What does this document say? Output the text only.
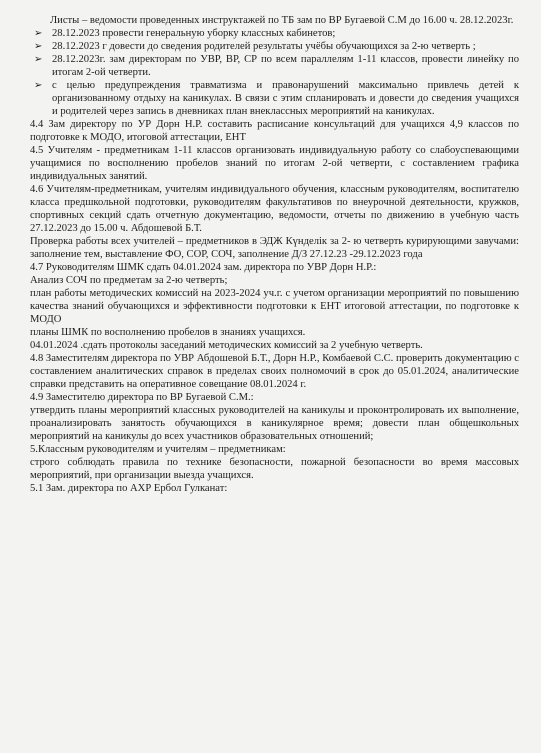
Листы – ведомости проведенных инструктажей по ТБ зам по ВР Бугаевой С.М до 16.00 ч. 28.12.2023г.

➢ 28.12.2023 провести генеральную уборку классных кабинетов;
➢ 28.12.2023 г довести до сведения родителей результаты учёбы обучающихся за 2-ю четверть ;
➢ 28.12.2023г. зам директорам по УВР, ВР, СР по всем параллелям 1-11 классов, провести линейку по итогам 2-ой четверти.
➢ с целью предупреждения травматизма и правонарушений максимально привлечь детей к организованному отдыху на каникулах. В связи с этим спланировать и довести до сведения учащихся и родителей через запись в дневниках план внеклассных мероприятий на каникулах.

4.4 Зам директору по УР Дорн Н.Р. составить расписание консультаций для учащихся 4,9 классов по подготовке к МОДО, итоговой аттестации, ЕНТ

4.5 Учителям - предметникам 1-11 классов организовать индивидуальную работу со слабоуспевающими учащимися по восполнению пробелов знаний по итогам 2-ой четверти, с составлением графика индивидуальных занятий.

4.6 Учителям-предметникам, учителям индивидуального обучения, классным руководителям, воспитателю класса предшкольной подготовки, руководителям факультативов по внеурочной деятельности, кружков, спортивных секций сдать отчетную документацию, ведомости, отчеты по движению в учебную часть 27.12.2023 до 15.00 ч. Абдошевой Б.Т.

Проверка работы всех учителей – предметников в ЭДЖ Күнделік за 2- ю четверть курирующими завучами: заполнение тем, выставление ФО, СОР, СОЧ, заполнение Д/З 27.12.23 -29.12.2023 года

4.7 Руководителям ШМК сдать 04.01.2024 зам. директора по УВР Дорн Н.Р.:

Анализ СОЧ по предметам за 2-ю четверть;

план работы методических комиссий на 2023-2024 уч.г. с учетом организации мероприятий по повышению качества знаний обучающихся и эффективности подготовки к ЕНТ итоговой аттестации, по подготовке к МОДО

планы ШМК по восполнению пробелов в знаниях учащихся.

04.01.2024 .сдать протоколы заседаний методических комиссий за 2 учебную четверть.

4.8 Заместителям директора по УВР Абдошевой Б.Т., Дорн Н.Р., Комбаевой С.С. проверить документацию с составлением аналитических справок в пределах своих полномочий в срок до 05.01.2024, аналитические справки представить на оперативное совещание 08.01.2024 г.

4.9 Заместителю директора по ВР Бугаевой С.М.:

утвердить планы мероприятий классных руководителей на каникулы и проконтролировать их выполнение, проанализировать занятость обучающихся в каникулярное время; довести план общешкольных мероприятий на каникулы до всех участников образовательных отношений;

5.Классным руководителям и учителям – предметникам:

строго соблюдать правила по технике безопасности, пожарной безопасности во время массовых мероприятий, при организации выезда учащихся.

5.1 Зам. директора по АХР Ербол Гулканат:
